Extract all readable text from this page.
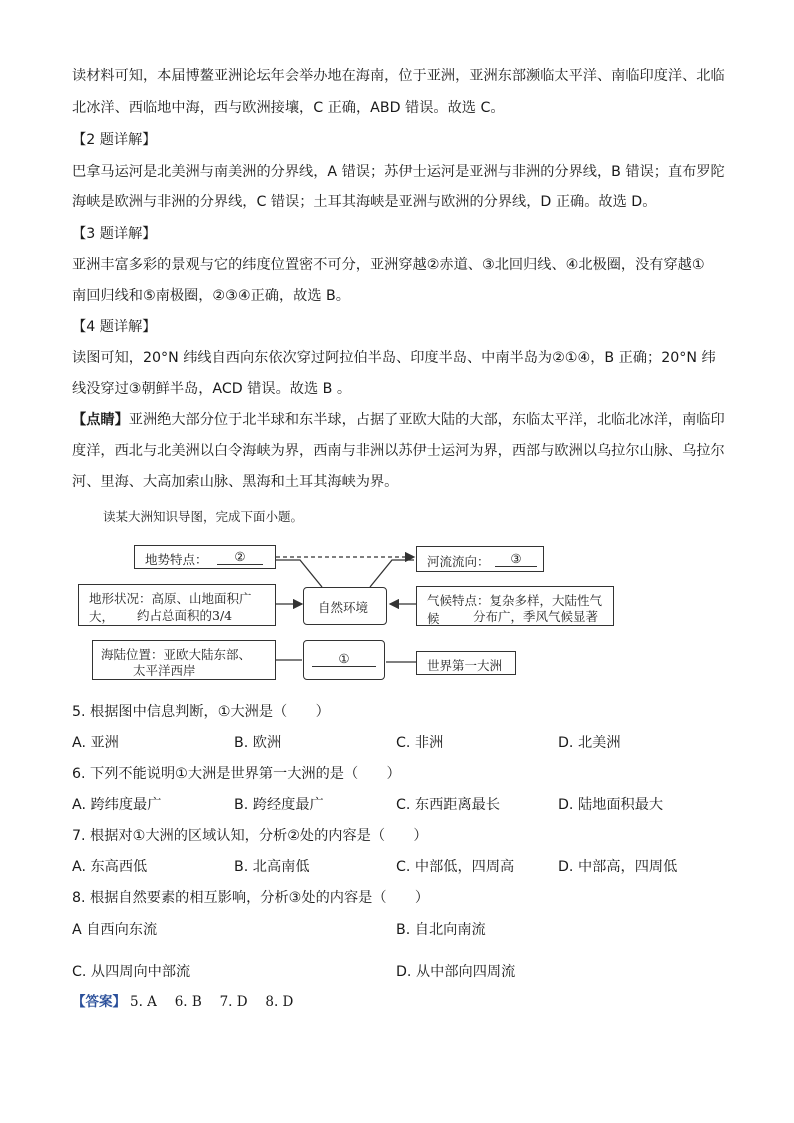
读材料可知，本届博鳌亚洲论坛年会举办地在海南，位于亚洲，亚洲东部濒临太平洋、南临印度洋、北临
北冰洋、西临地中海，西与欧洲接壤，C 正确，ABD 错误。故选 C。
【2 题详解】
巴拿马运河是北美洲与南美洲的分界线，A 错误；苏伊士运河是亚洲与非洲的分界线，B 错误；直布罗陀
海峡是欧洲与非洲的分界线，C 错误；土耳其海峡是亚洲与欧洲的分界线，D 正确。故选 D。
【3 题详解】
亚洲丰富多彩的景观与它的纬度位置密不可分，亚洲穿越②赤道、③北回归线、④北极圈，没有穿越①
南回归线和⑤南极圈，②③④正确，故选 B。
【4 题详解】
读图可知，20°N 纬线自西向东依次穿过阿拉伯半岛、印度半岛、中南半岛为②①④，B 正确；20°N 纬
线没穿过③朝鲜半岛，ACD 错误。故选 B 。
【点睛】亚洲绝大部分位于北半球和东半球，占据了亚欧大陆的大部，东临太平洋，北临北冰洋，南临印
度洋，西北与北美洲以白令海峡为界，西南与非洲以苏伊士运河为界，西部与欧洲以乌拉尔山脉、乌拉尔
河、里海、大高加索山脉、黑海和土耳其海峡为界。
读某大洲知识导图，完成下面小题。
地势特点：	②	河流流向：	③
地形状况：高原、山地面积广大，	约占总面积的3/4
自然环境	气候特点：复杂多样，大陆性气候	分布广，季风气候显著
海陆位置：亚欧大陆东部、
太平洋西岸
①	世界第一大洲
5. 根据图中信息判断，①大洲是（　　）
A. 亚洲	B. 欧洲	C. 非洲	D. 北美洲
6. 下列不能说明①大洲是世界第一大洲的是（　　）
A. 跨纬度最广	B. 跨经度最广	C. 东西距离最长	D. 陆地面积最大
7. 根据对①大洲的区域认知，分析②处的内容是（　　）
A. 东高西低	B. 北高南低	C. 中部低，四周高	D. 中部高，四周低
8. 根据自然要素的相互影响，分析③处的内容是（　　）
A 自西向东流	B. 自北向南流
C. 从四周向中部流	D. 从中部向四周流
【答案】 5. A　 6. B　 7. D　 8. D
